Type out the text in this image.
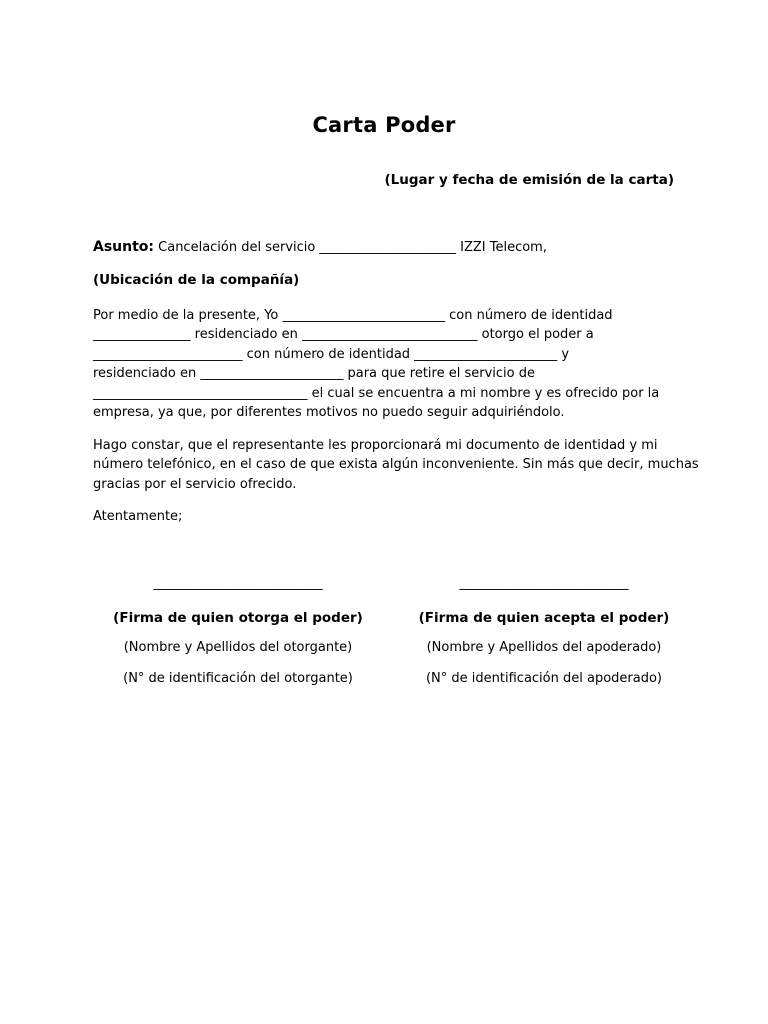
Carta Poder
(Lugar y fecha de emisión de la carta)
Asunto: Cancelación del servicio _____________________ IZZI Telecom,
(Ubicación de la compañía)
Por medio de la presente, Yo _________________________ con número de identidad
_______________ residenciado en ___________________________ otorgo el poder a
_______________________ con número de identidad ______________________ y
residenciado en ______________________ para que retire el servicio de
_________________________________ el cual se encuentra a mi nombre y es ofrecido por la
empresa, ya que, por diferentes motivos no puedo seguir adquiriéndolo.
Hago constar, que el representante les proporcionará mi documento de identidad y mi
número telefónico, en el caso de que exista algún inconveniente. Sin más que decir, muchas
gracias por el servicio ofrecido.
Atentamente;
__________________________
(Firma de quien otorga el poder)
(Nombre y Apellidos del otorgante)
(N° de identificación del otorgante)
__________________________
(Firma de quien acepta el poder)
(Nombre y Apellidos del apoderado)
(N° de identificación del apoderado)
